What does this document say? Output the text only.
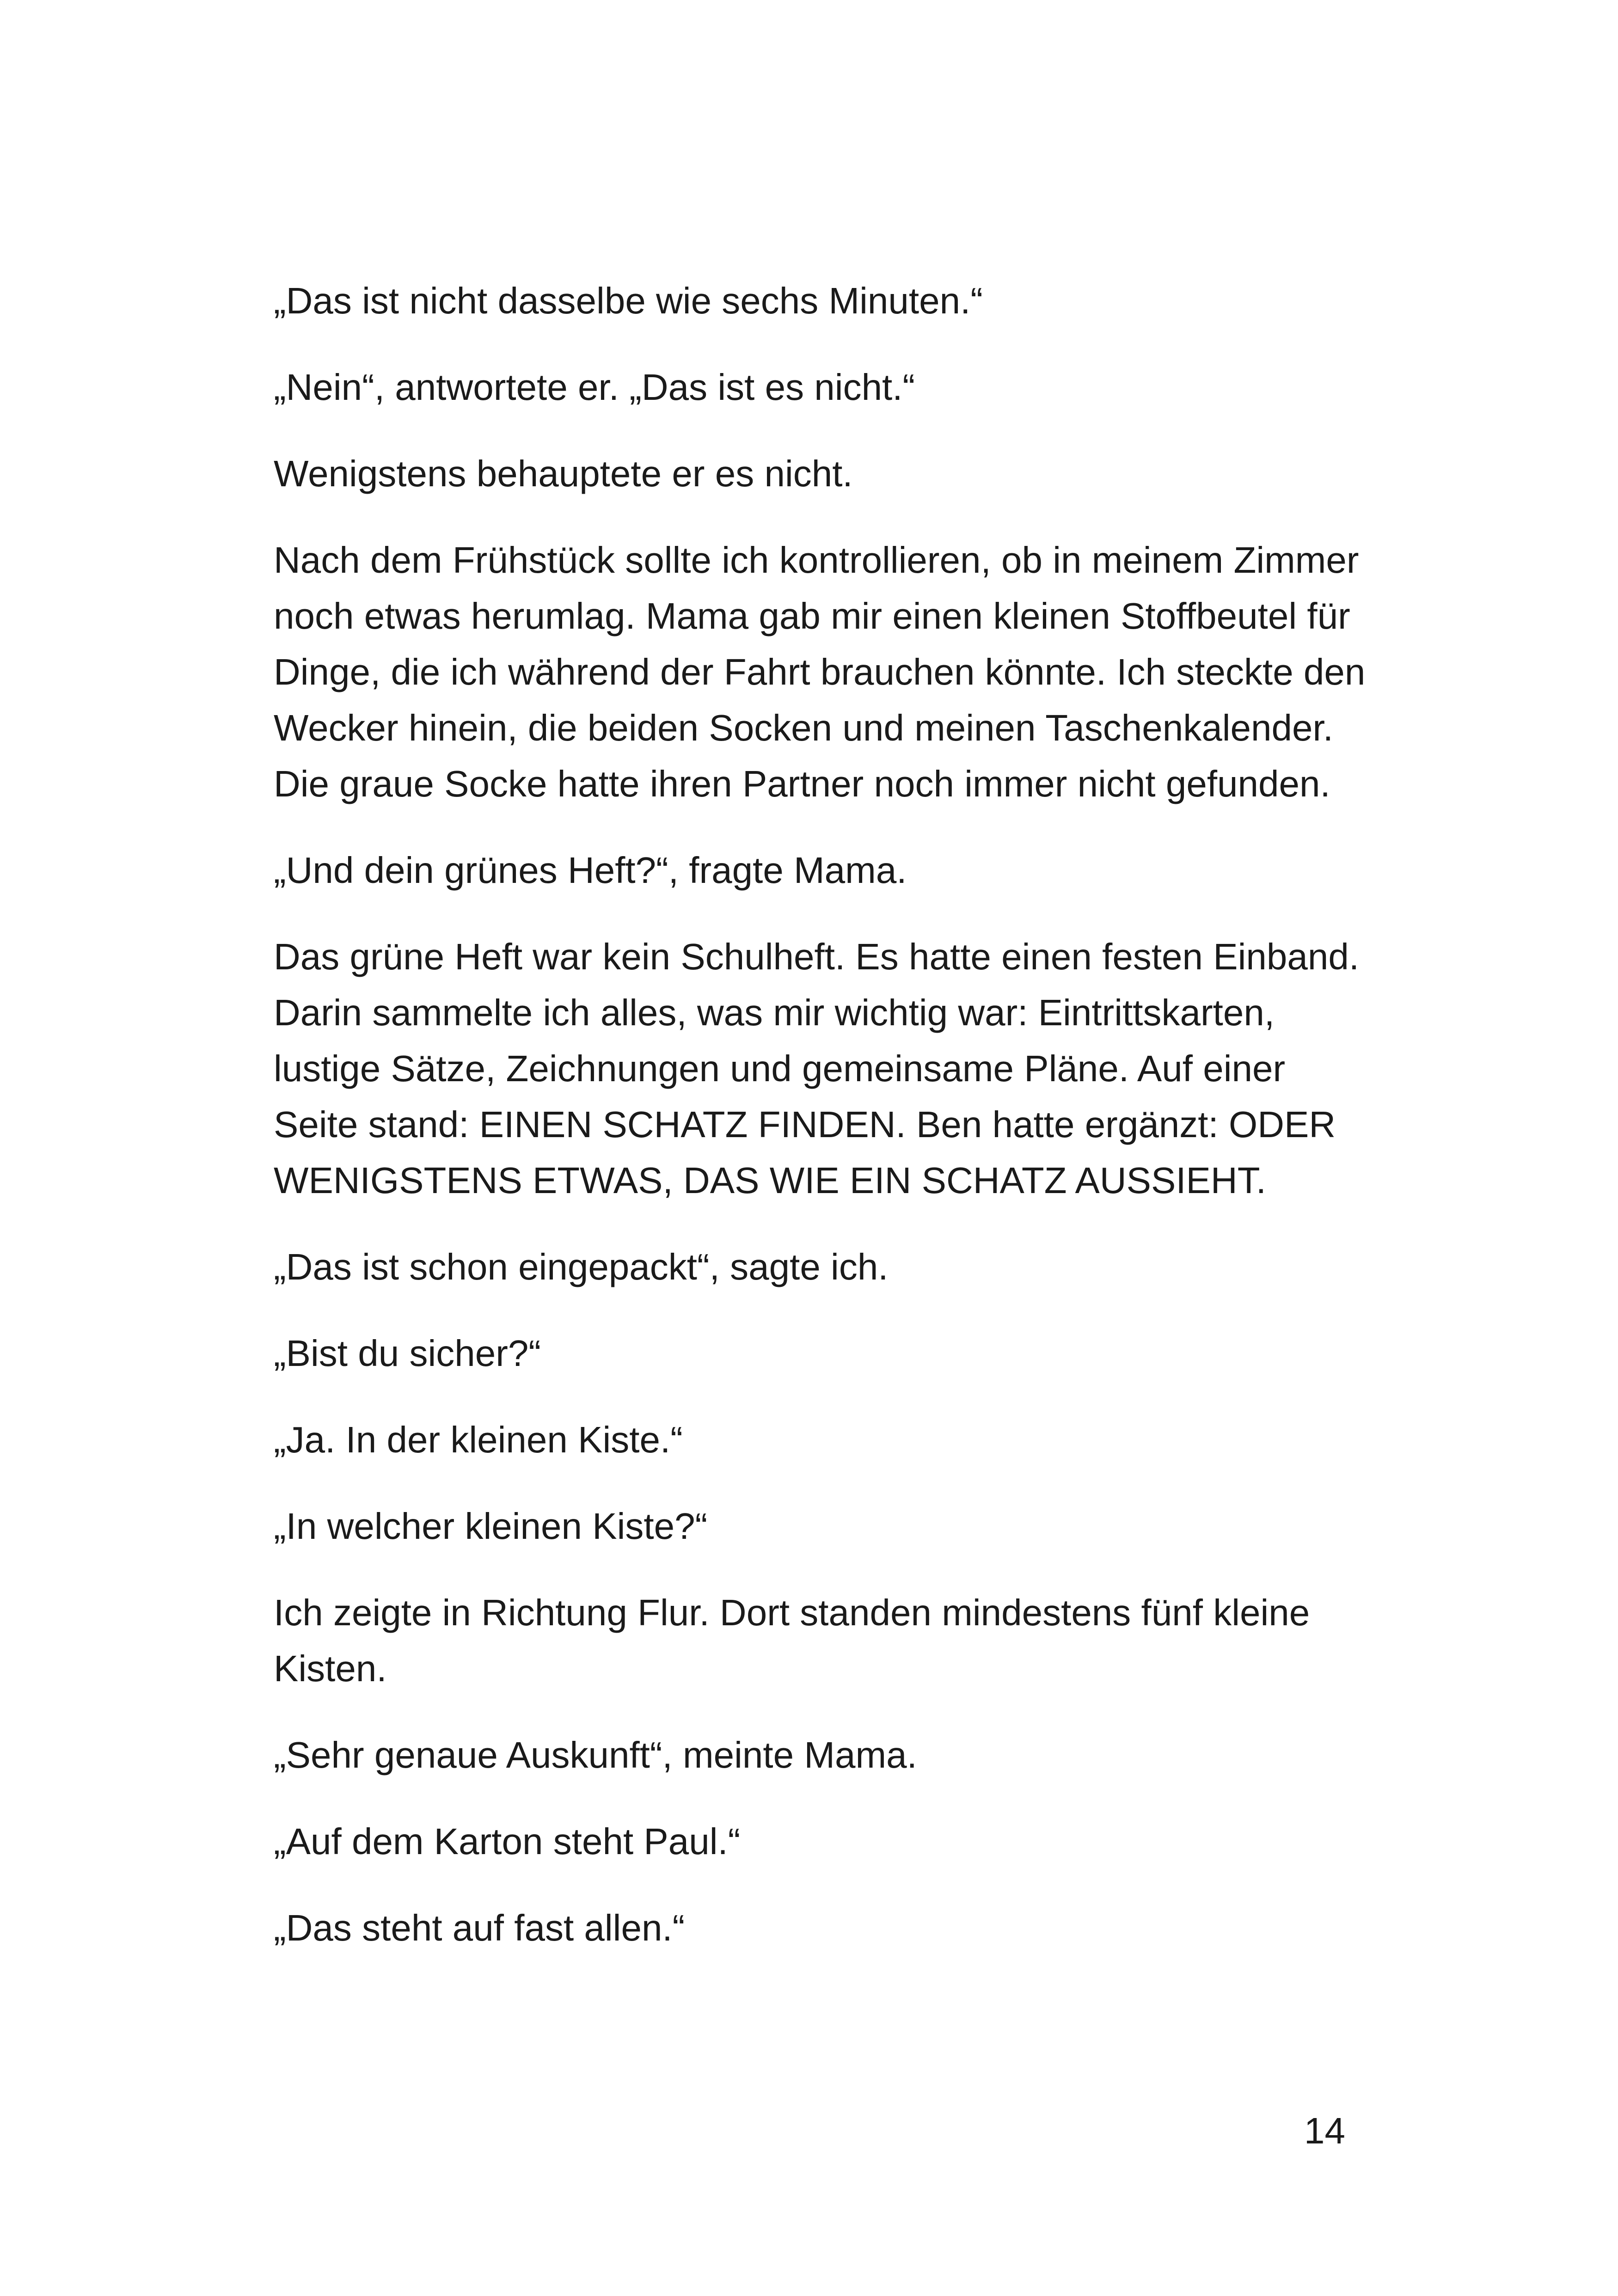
„Das ist nicht dasselbe wie sechs Minuten.“

„Nein“, antwortete er. „Das ist es nicht.“

Wenigstens behauptete er es nicht.

Nach dem Frühstück sollte ich kontrollieren, ob in meinem Zimmer noch etwas herumlag. Mama gab mir einen kleinen Stoffbeutel für Dinge, die ich während der Fahrt brauchen könnte. Ich steckte den Wecker hinein, die beiden Socken und meinen Taschenkalender. Die graue Socke hatte ihren Partner noch immer nicht gefunden.

„Und dein grünes Heft?“, fragte Mama.

Das grüne Heft war kein Schulheft. Es hatte einen festen Einband. Darin sammelte ich alles, was mir wichtig war: Eintrittskarten, lustige Sätze, Zeichnungen und gemeinsame Pläne. Auf einer Seite stand: EINEN SCHATZ FINDEN. Ben hatte ergänzt: ODER WENIGSTENS ETWAS, DAS WIE EIN SCHATZ AUSSIEHT.

„Das ist schon eingepackt“, sagte ich.

„Bist du sicher?“

„Ja. In der kleinen Kiste.“

„In welcher kleinen Kiste?“

Ich zeigte in Richtung Flur. Dort standen mindestens fünf kleine Kisten.

„Sehr genaue Auskunft“, meinte Mama.

„Auf dem Karton steht Paul.“

„Das steht auf fast allen.“

14
